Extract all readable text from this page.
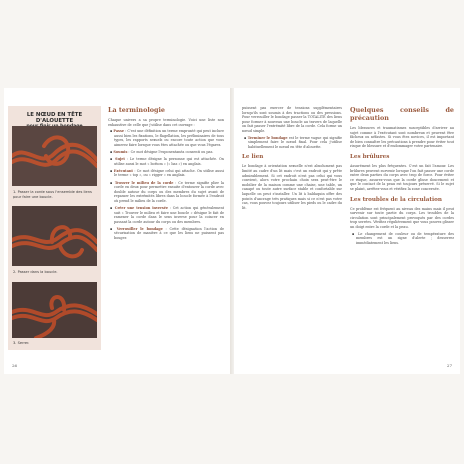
LE NŒUD EN TÊTE D'ALOUETTE
1. Passer la corde sous l'ensemble des liens pour faire une boucle.
2. Passer dans la boucle.
3. Serrer.
La terminologie

Chaque univers a sa propre terminologie. Voici une liste non exhaustive de celle que j'utilise dans cet ouvrage :

▪ Passe : C'est une définition un terme emprunté qui peut inclure aussi bien les fixations, le flagellation, les préliminaires de tous types, les rapports sexuels ou encore toute action que vous aimerez faire lorsque vous êtes attachée ou que vous l'égarez.

▪ Soumis : Ce mot désigne l'esponentanéa consenti ou pas.

▪ Sujet : Le terme désigne la personne qui est attachée. On utilise aussi le mot « bottom » (« bas ») en anglais.

▪ Exécutant : Ce mot désigne celui qui attache. On utilise aussi le terme « top », ou « rigger » en anglais.

▪ Trouver le milieu de la corde : Ce terme signifie plier la corde en deux pour permettre ensuite d'entourer la corde avec double autour du corps ou des membres du sujet avant de repasser les extrémités libres dans la boucle formée à l'endroit où prend le milieu de la corde.

▪ Créer une tension inversée : Cet action qui généralement suit « Trouver le milieu et faire une boucle » désigne le fait de ramener la corde dans le sens inverse pour la coincer en passant la corde autour du corps ou des membres.

▪ Verrouiller le bondage : Cette désignation l'action de sécurisation de manière à ce que les liens ne puissent pas bouger.

26

puissent pas exercer de tensions supplémentaires lorsqu'ils sont soumis à des tractions ou des pressions. Pour verrouiller le bondage passer la TOTALITÉ des liens pour former à nouveau une boucle au travers de laquelle on fait passer l'extrémité libre de la corde. Cela forme un nœud simple.

▪ Terminer le bondage est le terme vague qui signifie simplement faire le nœud final. Pour cela j'utilise habituellement le nœud en tête d'alouette.

Le lien

Le bondage à orientation sexuelle n'est absolument pas limité au cadre d'un lit mais c'est un endroit qui y prête admirablement. Si cet endroit n'est pas celui qui vous convient, alors votre prochain choix sera peut-être le mobilier de la maison comme une chaise, une table, un canapé ou toute autre surface stable et confortable sur laquelle on peut s'installer. Un lit à baldaquin offre des points d'ancrage très pratiques mais si ce n'est pas votre cas, vous pouvez toujours utiliser les pieds ou le cadre du lit.

Quelques conseils de précaution

Les blessures et traumatismes susceptibles d'arriver au sujet comme à l'exécutant sont nombreux et peuvent être fâcheux ou néfastes. Si vous êtes novices, il est important de bien connaître les précautions à prendre pour éviter tout risque de blessure et d'endommager votre partenaire.

Les brûlures

Assurément les plus fréquentes. C'est un fait l'amour. Les brûlures peuvent survenir lorsque l'on fait passer une corde entre deux parties du corps avec trop de force. Pour éviter ce risque, assurez-vous que la corde glisse doucement et que le contact de la peau est toujours préservé. Si le sujet se plaint, arrêtez-vous et vérifiez la zone concernée.

Les troubles de la circulation

Ce problème est fréquent au niveau des mains mais il peut survenir sur toute partie du corps. Les troubles de la circulation sont principalement provoqués par des cordes trop serrées. Vérifiez régulièrement que vous pouvez glisser un doigt entre la corde et la peau.

▪ Le changement de couleur ou de température des membres est un signe d'alerte ; desserrez immédiatement les liens.

27
